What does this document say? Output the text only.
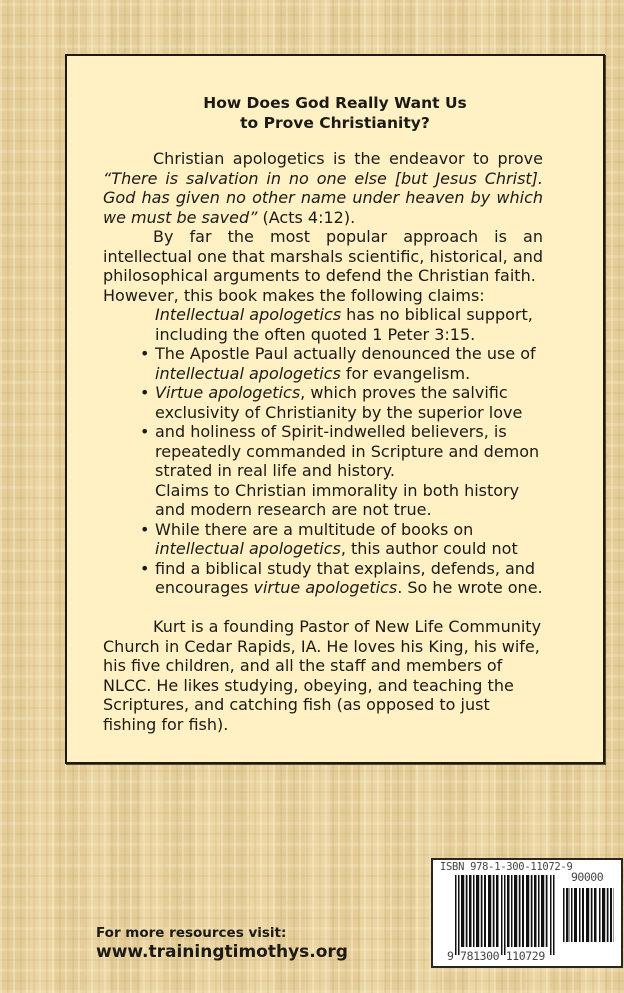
How Does God Really Want Us
to Prove Christianity?

Christian apologetics is the endeavor to prove “There is salvation in no one else [but Jesus Christ]. God has given no other name under heaven by which we must be saved” (Acts 4:12).

By far the most popular approach is an intellectual one that marshals scientific, historical, and philosophical arguments to defend the Christian faith.

However, this book makes the following claims:

Intellectual apologetics has no biblical support, including the often quoted 1 Peter 3:15.
• The Apostle Paul actually denounced the use of intellectual apologetics for evangelism.
• Virtue apologetics, which proves the salvific exclusivity of Christianity by the superior love
• and holiness of Spirit-indwelled believers, is repeatedly commanded in Scripture and demon strated in real life and history.
Claims to Christian immorality in both history and modern research are not true.
• While there are a multitude of books on intellectual apologetics, this author could not
• find a biblical study that explains, defends, and encourages virtue apologetics. So he wrote one.

Kurt is a founding Pastor of New Life Community Church in Cedar Rapids, IA. He loves his King, his wife, his five children, and all the staff and members of NLCC. He likes studying, obeying, and teaching the Scriptures, and catching fish (as opposed to just fishing for fish).

For more resources visit:
www.trainingtimothys.org
ISBN 978-1-300-11072-9
90000
9 781300 110729
